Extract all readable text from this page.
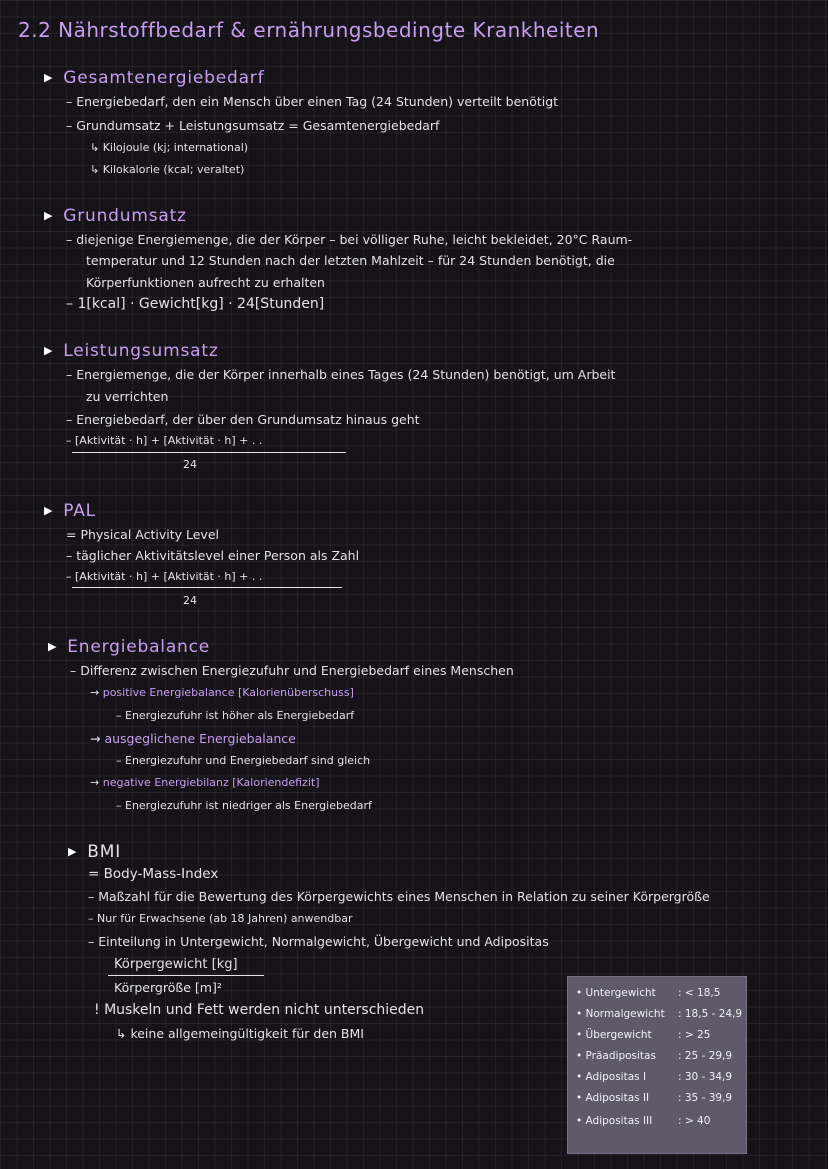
2.2 Nährstoffbedarf & ernährungsbedingte Krankheiten
▶ Gesamtenergiebedarf
– Energiebedarf, den ein Mensch über einen Tag (24 Stunden) verteilt benötigt
– Grundumsatz + Leistungsumsatz = Gesamtenergiebedarf
↳ Kilojoule (kj; international)
↳ Kilokalorie (kcal; veraltet)
▶ Grundumsatz
– diejenige Energiemenge, die der Körper – bei völliger Ruhe, leicht bekleidet, 20°C Raum-
temperatur und 12 Stunden nach der letzten Mahlzeit – für 24 Stunden benötigt, die
Körperfunktionen aufrecht zu erhalten
– 1[kcal] · Gewicht[kg] · 24[Stunden]
▶ Leistungsumsatz
– Energiemenge, die der Körper innerhalb eines Tages (24 Stunden) benötigt, um Arbeit
zu verrichten
– Energiebedarf, der über den Grundumsatz hinaus geht
– [Aktivität · h] + [Aktivität · h] + . .
24
▶ PAL
= Physical Activity Level
– täglicher Aktivitätslevel einer Person als Zahl
– [Aktivität · h] + [Aktivität · h] + . .
24
▶ Energiebalance
– Differenz zwischen Energiezufuhr und Energiebedarf eines Menschen
→ positive Energiebalance [Kalorienüberschuss]
– Energiezufuhr ist höher als Energiebedarf
→ ausgeglichene Energiebalance
– Energiezufuhr und Energiebedarf sind gleich
→ negative Energiebilanz [Kaloriendefizit]
– Energiezufuhr ist niedriger als Energiebedarf
▶ BMI
= Body-Mass-Index
– Maßzahl für die Bewertung des Körpergewichts eines Menschen in Relation zu seiner Körpergröße
– Nur für Erwachsene (ab 18 Jahren) anwendbar
– Einteilung in Untergewicht, Normalgewicht, Übergewicht und Adipositas
Körpergewicht [kg]
Körpergröße [m]²
! Muskeln und Fett werden nicht unterschieden
↳ keine allgemeingültigkeit für den BMI
• Untergewicht : < 18,5
• Normalgewicht : 18,5 - 24,9
• Übergewicht	: > 25
• Präadipositas : 25 - 29,9
• Adipositas I	: 30 - 34,9
• Adipositas II	: 35 - 39,9
• Adipositas III : > 40
